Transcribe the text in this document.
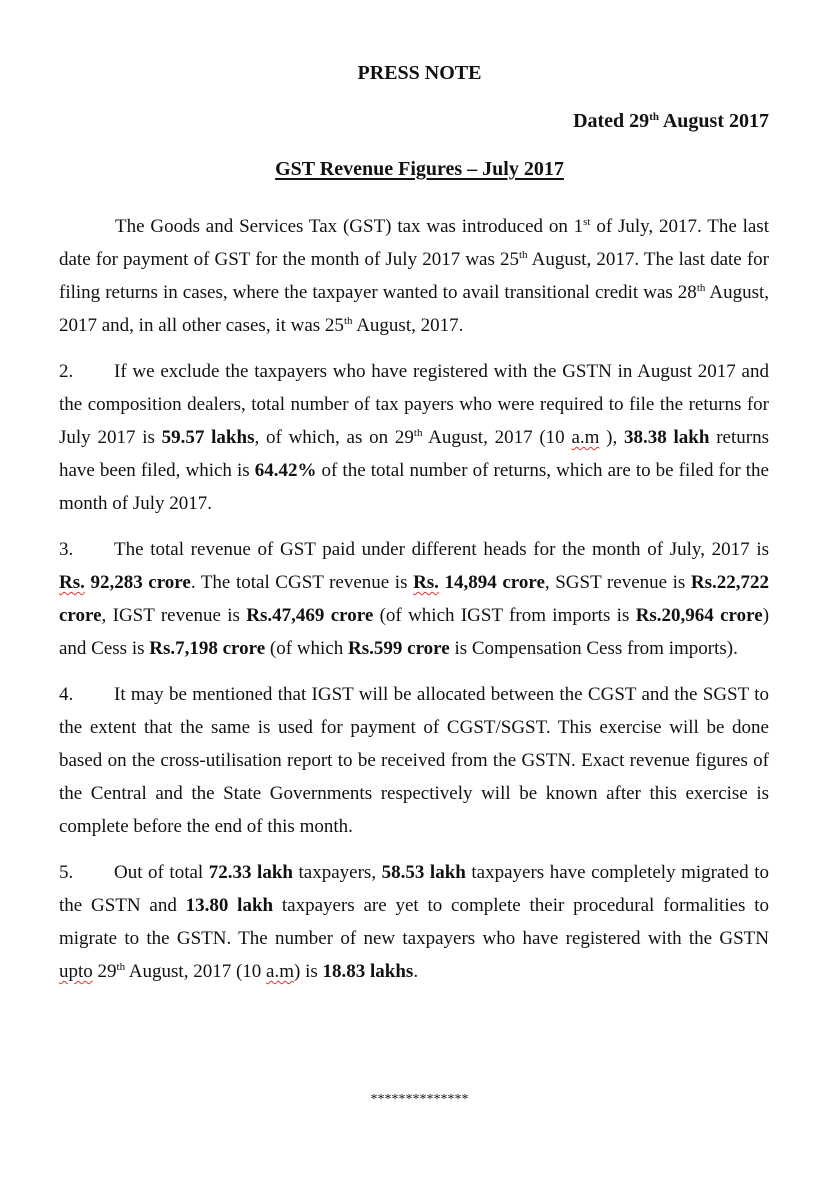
PRESS NOTE
Dated 29th August 2017
GST Revenue Figures – July 2017

The Goods and Services Tax (GST) tax was introduced on 1st of July, 2017. The last date for payment of GST for the month of July 2017 was 25th August, 2017. The last date for filing returns in cases, where the taxpayer wanted to avail transitional credit was 28th August, 2017 and, in all other cases, it was 25th August, 2017.

2. If we exclude the taxpayers who have registered with the GSTN in August 2017 and the composition dealers, total number of tax payers who were required to file the returns for July 2017 is 59.57 lakhs, of which, as on 29th August, 2017 (10 a.m ), 38.38 lakh returns have been filed, which is 64.42% of the total number of returns, which are to be filed for the month of July 2017.

3. The total revenue of GST paid under different heads for the month of July, 2017 is Rs. 92,283 crore. The total CGST revenue is Rs. 14,894 crore, SGST revenue is Rs.22,722 crore, IGST revenue is Rs.47,469 crore (of which IGST from imports is Rs.20,964 crore) and Cess is Rs.7,198 crore (of which Rs.599 crore is Compensation Cess from imports).

4. It may be mentioned that IGST will be allocated between the CGST and the SGST to the extent that the same is used for payment of CGST/SGST. This exercise will be done based on the cross-utilisation report to be received from the GSTN. Exact revenue figures of the Central and the State Governments respectively will be known after this exercise is complete before the end of this month.

5. Out of total 72.33 lakh taxpayers, 58.53 lakh taxpayers have completely migrated to the GSTN and 13.80 lakh taxpayers are yet to complete their procedural formalities to migrate to the GSTN. The number of new taxpayers who have registered with the GSTN upto 29th August, 2017 (10 a.m) is 18.83 lakhs.

**************
